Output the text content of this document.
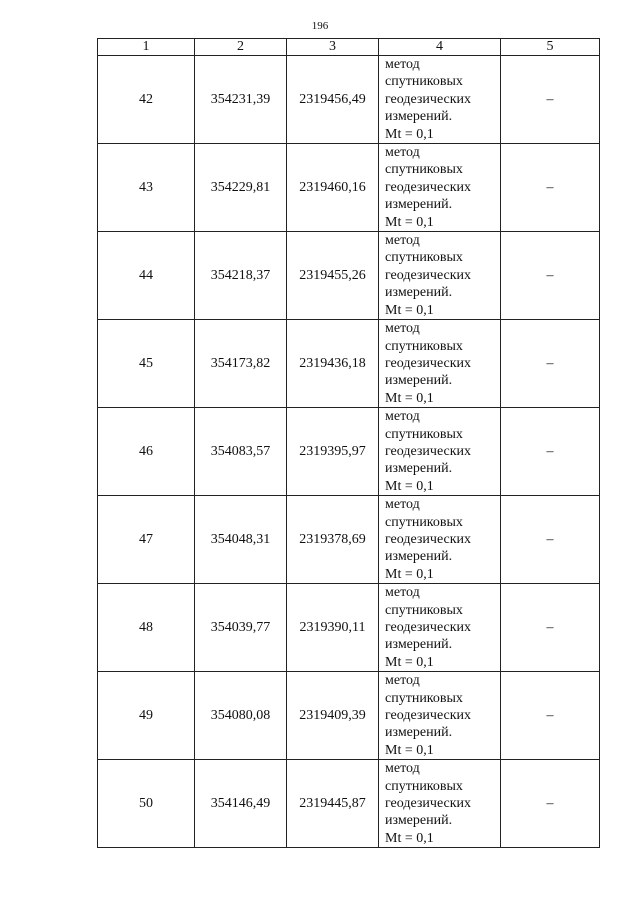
196
1	2	3	4	5
42	354231,39	2319456,49	метод
спутниковых
геодезических
измерений.
Mt = 0,1	–
43	354229,81	2319460,16	метод
спутниковых
геодезических
измерений.
Mt = 0,1	–
44	354218,37	2319455,26	метод
спутниковых
геодезических
измерений.
Mt = 0,1	–
45	354173,82	2319436,18	метод
спутниковых
геодезических
измерений.
Mt = 0,1	–
46	354083,57	2319395,97	метод
спутниковых
геодезических
измерений.
Mt = 0,1	–
47	354048,31	2319378,69	метод
спутниковых
геодезических
измерений.
Mt = 0,1	–
48	354039,77	2319390,11	метод
спутниковых
геодезических
измерений.
Mt = 0,1	–
49	354080,08	2319409,39	метод
спутниковых
геодезических
измерений.
Mt = 0,1	–
50	354146,49	2319445,87	метод
спутниковых
геодезических
измерений.
Mt = 0,1	–
